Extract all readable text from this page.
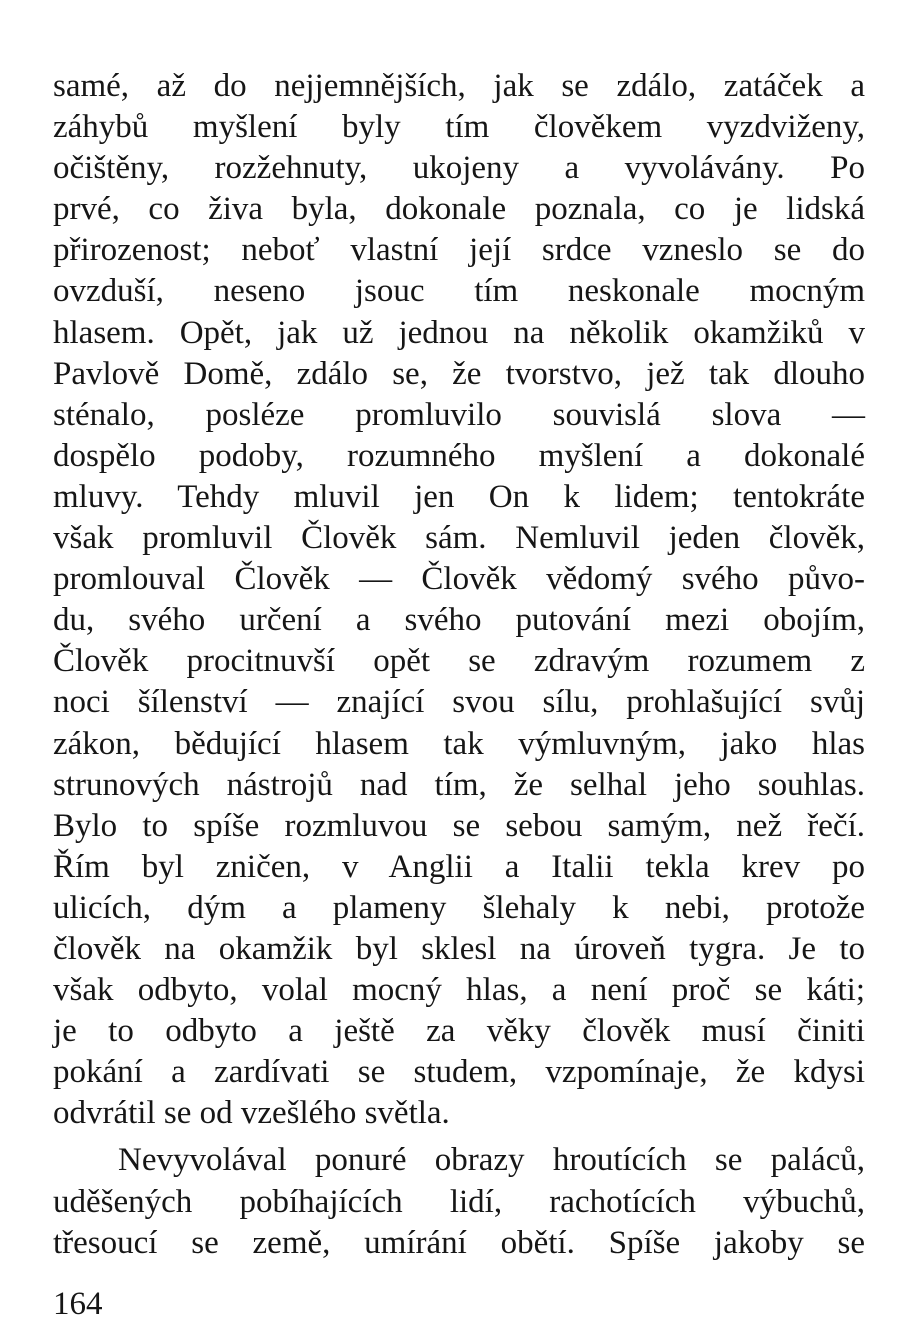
samé, až do nejjemnějších, jak se zdálo, zatáček a
záhybů myšlení byly tím člověkem vyzdviženy,
očištěny, rozžehnuty, ukojeny a vyvolávány. Po
prvé, co živa byla, dokonale poznala, co je lidská
přirozenost; neboť vlastní její srdce vzneslo se do
ovzduší, neseno jsouc tím neskonale mocným
hlasem. Opět, jak už jednou na několik okamžiků v
Pavlově Domě, zdálo se, že tvorstvo, jež tak dlouho
sténalo, posléze promluvilo souvislá slova —
dospělo podoby, rozumného myšlení a dokonalé
mluvy. Tehdy mluvil jen On k lidem; tentokráte
však promluvil Člověk sám. Nemluvil jeden člověk,
promlouval Člověk — Člověk vědomý svého půvo-
du, svého určení a svého putování mezi obojím,
Člověk procitnuvší opět se zdravým rozumem z
noci šílenství — znající svou sílu, prohlašující svůj
zákon, bědující hlasem tak výmluvným, jako hlas
strunových nástrojů nad tím, že selhal jeho souhlas.
Bylo to spíše rozmluvou se sebou samým, než řečí.
Řím byl zničen, v Anglii a Italii tekla krev po
ulicích, dým a plameny šlehaly k nebi, protože
člověk na okamžik byl sklesl na úroveň tygra. Je to
však odbyto, volal mocný hlas, a není proč se káti;
je to odbyto a ještě za věky člověk musí činiti
pokání a zardívati se studem, vzpomínaje, že kdysi
odvrátil se od vzešlého světla.
Nevyvolával ponuré obrazy hroutících se paláců,
uděšených pobíhajících lidí, rachotících výbuchů,
třesoucí se země, umírání obětí. Spíše jakoby se
164
